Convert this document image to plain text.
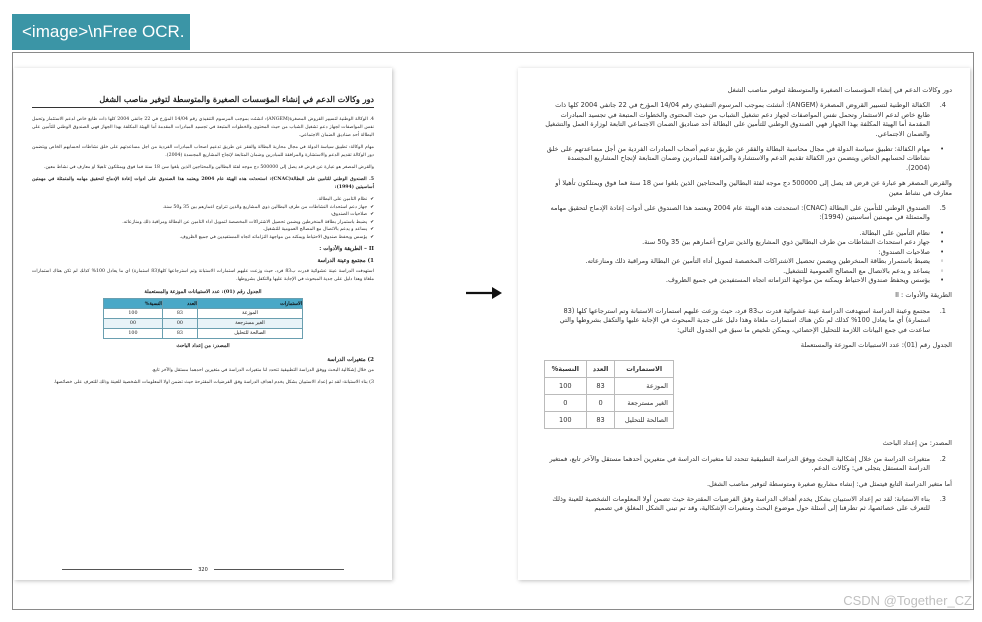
<image>\nFree OCR.
دور وكالات الدعم في إنشاء المؤسسات الصغيرة والمتوسطة لتوفير مناصب الشغل

4. الوكالة الوطنية لتسيير القروض المصغرة(ANGEM): أنشئت بموجب المرسوم التنفيذي رقم 14/04 المؤرخ في 22 جانفي 2004 كلها ذات طابع خاص لدعم الاستثمار وتحمل نفس المواصفات لجهاز دعم تشغيل الشباب من حيث المحتوى والخطوات المتبعة في تجسيد المبادرات المقدمة أما الهيئة المكلفة بهذا الجهاز فهي الصندوق الوطني للتأمين على البطالة أحد صناديق الضمان الاجتماعي.

مهام الوكالة: تطبيق سياسة الدولة في مجال محاربة البطالة والفقر عن طريق تدعيم أصحاب المبادرات الفردية من أجل مساعدتهم على خلق نشاطات لحسابهم الخاص ويتضمن دور الوكالة تقديم الدعم والاستشارة والمرافقة للمبادرين وضمان المتابعة لإنجاح المشاريع المجسدة (2004).

والقرض المصغر هو عبارة عن قرض قد يصل إلى 500000 دج موجه لفئة البطالين والمحتاجين الذين بلغوا سن 18 سنة فما فوق ويمتلكون تأهيلا أو معارف في نشاط معين.

5. الصندوق الوطني للتأمين على البطالة(CNAC): استحدثت هذه الهيئة عام 2004 ويعتمد هذا الصندوق على أدوات إعادة الإدماج لتحقيق مهامه والمتمثلة في مهمتين أساسيتين (1994):

✔ نظام التأمين على البطالة.
✔ جهاز دعم استحداث النشاطات من طرف البطالين ذوي المشاريع والذين تتراوح أعمارهم بين 35 و50 سنة.
✔ صلاحيات الصندوق:
✔ يضبط باستمرار بطاقة المنخرطين ويضمن تحصيل الاشتراكات المخصصة لتمويل أداء التأمين عن البطالة ومراقبة ذلك ومنازعاته.
✔ يساعد و يدعم بالاتصال مع المصالح العمومية للتشغيل.
✔ يؤسس ويحفظ صندوق الاحتياط ويمكنه من مواجهة التزاماته اتجاه المستفيدين في جميع الظروف.
II – الطريقة والأدوات :
1) مجتمع وعينة الدراسة

استهدفت الدراسة عينة عشوائية قدرت ب83 فرد، حيث وزعت عليهم استمارات الاستبانة وتم استرجاعها كلها(83 استمارة) أي ما يعادل 100% كذلك لم تكن هناك استمارات ملغاة وهذا دليل على جدية المبحوث في الإجابة عليها والتكفل بشروطها.

الجدول رقم (01): عدد الاستبيانات الموزعة والمستعملة
الاستمارات	العدد	النسبة%
الموزعة	83	100
الغير مسترجعة	00	00
الصالحة للتحليل	83	100
المصدر: من إعداد الباحث
2) متغيرات الدراسة

من خلال إشكالية البحث ووفق الدراسة التطبيقية تتحدد لنا متغيرات الدراسة في متغيرين أحدهما مستقل والآخر تابع.

3) بناء الاستبانة: لقد تم إعداد الاستبيان بشكل يخدم أهداف الدراسة وفق الفرضيات المقترحة حيث تضمن أولا المعلومات الشخصية للعينة وذلك للتعرف على خصائصها.

320
دور وكالات الدعم في إنشاء المؤسسات الصغيرة والمتوسطة لتوفير مناصب الشغل
4.
الكفالة الوطنية لتسيير القروض المصغرة (ANGEM): أنشئت بموجب المرسوم التنفيذي رقم 14/04 المؤرخ في 22 جانفي 2004 كلها ذات طابع خاص لدعم الاستثمار وتحمل نفس المواصفات لجهاز دعم تشغيل الشباب من حيث المحتوى والخطوات المتبعة في تجسيد المبادرات المقدمة أما الهيئة المكلفة بهذا الجهاز فهي الصندوق الوطني للتأمين على البطالة أحد صناديق الضمان الاجتماعي التابعة لوزارة العمل والتشغيل والضمان الاجتماعي.
• مهام الكفالة: تطبيق سياسة الدولة في مجال محاسبة البطالة والفقر عن طريق تدعيم أصحاب المبادرات الفردية من أجل مساعدتهم على خلق نشاطات لحسابهم الخاص ويتضمن دور الكفالة تقديم الدعم والاستشارة والمرافقة للمبادرين وضمان المتابعة لإنجاح المشاريع المجسدة (2004).
والقرض المصغر هو عبارة عن قرض قد يصل إلى 500000 دج موجه لفئة البطالين والمحتاجين الذين بلغوا سن 18 سنة فما فوق ويمتلكون تأهيلا أو معارف في نشاط معين
5.
الصندوق الوطني للتأمين على البطالة (CNAC): استحدثت هذه الهيئة عام 2004 ويعتمد هذا الصندوق على أدوات إعادة الإدماج لتحقيق مهامه والمتمثلة في مهمتين أساسيتين (1994):
• نظام التأمين على البطالة.
• جهاز دعم استحداث النشاطات من طرف البطالين ذوي المشاريع والذين تتراوح أعمارهم بين 35 و50 سنة.
• صلاحيات الصندوق:
◦ يضبط باستمرار بطاقة المنخرطين ويضمن تحصيل الاشتراكات المخصصة لتمويل أداء التأمين عن البطالة ومراقبة ذلك ومنازعاته.
◦ يساعد و يدعم بالاتصال مع المصالح العمومية للتشغيل.
• يؤسس ويحفظ صندوق الاحتياط ويمكنه من مواجهة التزاماته اتجاه المستفيدين في جميع الظروف.
الطريقة والأدوات : II
1.
مجتمع وعينة الدراسة استهدفت الدراسة عينة عشوائية قدرت ب83 فرد، حيث وزعت عليهم استمارات الاستبانة وتم استرجاعها كلها (83 استمارة) أي ما يعادل 100% كذلك لم تكن هناك استمارات ملغاة وهذا دليل على جدية المبحوث في الإجابة عليها والتكفل بشروطها والتي ساعدت في جمع البيانات اللازمة للتحليل الإحصائي، ويمكن تلخيص ما سبق في الجدول التالي:
الجدول رقم (01): عدد الاستبيانات الموزعة والمستعملة
الاستمارات	العدد	النسبة%
الموزعة	83	100
الغير مسترجعة	0	0
الصالحة للتحليل	83	100
المصدر: من إعداد الباحث
2.
متغيرات الدراسة من خلال إشكالية البحث ووفق الدراسة التطبيقية تتحدد لنا متغيرات الدراسة في متغيرين أحدهما مستقل والآخر تابع، فمتغير الدراسة المستقل يتجلى في: وكالات الدعم.
أما متغير الدراسة التابع فيتمثل في: إنشاء مشاريع صغيرة ومتوسطة لتوفير مناصب الشغل.
3.
بناء الاستبانة: لقد تم إعداد الاستبيان بشكل يخدم أهداف الدراسة وفق الفرضيات المقترحة حيث تضمن أولا المعلومات الشخصية للعينة وذلك للتعرف على خصائصها، ثم تطرقنا إلى أسئلة حول موضوع البحث ومتغيرات الإشكالية، وقد تم تبني الشكل المغلق في تصميم
CSDN @Together_CZ
